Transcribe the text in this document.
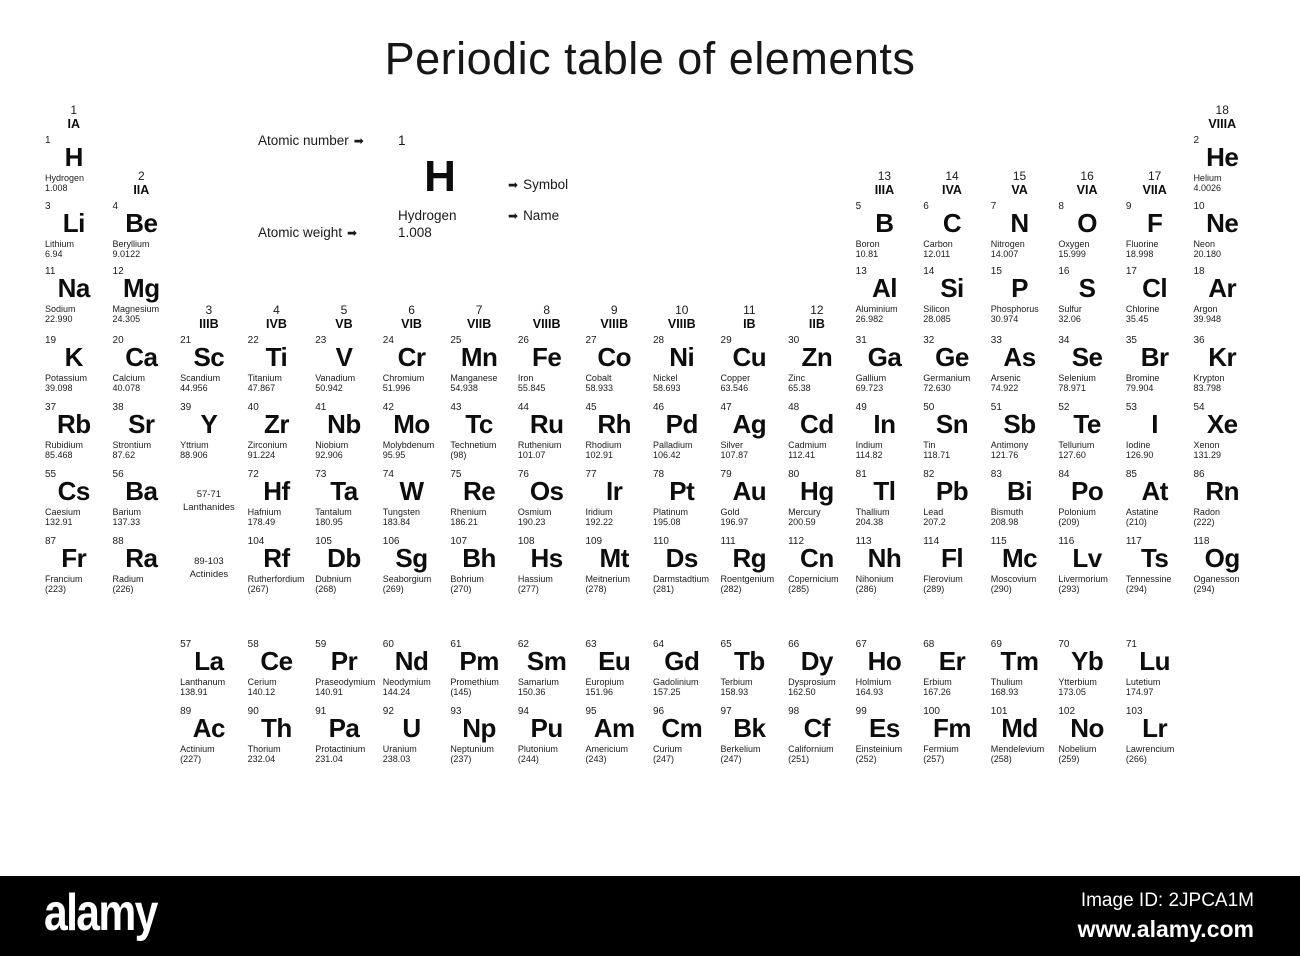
Periodic table of elements
Atomic number ➡	1
H	➡ Symbol
Hydrogen	➡ Name
Atomic weight ➡	1.008
1
IA
18
VIIIA
2
IIA
13
IIIA
14
IVA
15
VA
16
VIA
17
VIIA
3
IIIB
4
IVB
5
VB
6
VIB
7
VIIB
8
VIIIB
9
VIIIB
10
VIIIB
11
IB
12
IIB
57-71
Lanthanides
89-103
Actinides
1
H
Hydrogen
1.008
2
He
Helium
4.0026
3
Li
Lithium
6.94
4
Be
Beryllium
9.0122
5
B
Boron
10.81
6
C
Carbon
12.011
7
N
Nitrogen
14.007
8
O
Oxygen
15.999
9
F
Fluorine
18.998
10
Ne
Neon
20.180
11
Na
Sodium
22.990
12
Mg
Magnesium
24.305
13
Al
Aluminium
26.982
14
Si
Silicon
28.085
15
P
Phosphorus
30.974
16
S
Sulfur
32.06
17
Cl
Chlorine
35.45
18
Ar
Argon
39.948
19
K
Potassium
39.098
20
Ca
Calcium
40.078
21
Sc
Scandium
44.956
22
Ti
Titanium
47.867
23
V
Vanadium
50.942
24
Cr
Chromium
51.996
25
Mn
Manganese
54.938
26
Fe
Iron
55.845
27
Co
Cobalt
58.933
28
Ni
Nickel
58.693
29
Cu
Copper
63.546
30
Zn
Zinc
65.38
31
Ga
Gallium
69.723
32
Ge
Germanium
72.630
33
As
Arsenic
74.922
34
Se
Selenium
78.971
35
Br
Bromine
79.904
36
Kr
Krypton
83.798
37
Rb
Rubidium
85.468
38
Sr
Strontium
87.62
39
Y
Yttrium
88.906
40
Zr
Zirconium
91.224
41
Nb
Niobium
92.906
42
Mo
Molybdenum
95.95
43
Tc
Technetium
(98)
44
Ru
Ruthenium
101.07
45
Rh
Rhodium
102.91
46
Pd
Palladium
106.42
47
Ag
Silver
107.87
48
Cd
Cadmium
112.41
49
In
Indium
114.82
50
Sn
Tin
118.71
51
Sb
Antimony
121.76
52
Te
Tellurium
127.60
53
I
Iodine
126.90
54
Xe
Xenon
131.29
55
Cs
Caesium
132.91
56
Ba
Barium
137.33
72
Hf
Hafnium
178.49
73
Ta
Tantalum
180.95
74
W
Tungsten
183.84
75
Re
Rhenium
186.21
76
Os
Osmium
190.23
77
Ir
Iridium
192.22
78
Pt
Platinum
195.08
79
Au
Gold
196.97
80
Hg
Mercury
200.59
81
Tl
Thallium
204.38
82
Pb
Lead
207.2
83
Bi
Bismuth
208.98
84
Po
Polonium
(209)
85
At
Astatine
(210)
86
Rn
Radon
(222)
87
Fr
Francium
(223)
88
Ra
Radium
(226)
104
Rf
Rutherfordium
(267)
105
Db
Dubnium
(268)
106
Sg
Seaborgium
(269)
107
Bh
Bohrium
(270)
108
Hs
Hassium
(277)
109
Mt
Meitnerium
(278)
110
Ds
Darmstadtium
(281)
111
Rg
Roentgenium
(282)
112
Cn
Copernicium
(285)
113
Nh
Nihonium
(286)
114
Fl
Flerovium
(289)
115
Mc
Moscovium
(290)
116
Lv
Livermorium
(293)
117
Ts
Tennessine
(294)
118
Og
Oganesson
(294)
57
La
Lanthanum
138.91
58
Ce
Cerium
140.12
59
Pr
Praseodymium
140.91
60
Nd
Neodymium
144.24
61
Pm
Promethium
(145)
62
Sm
Samarium
150.36
63
Eu
Europium
151.96
64
Gd
Gadolinium
157.25
65
Tb
Terbium
158.93
66
Dy
Dysprosium
162.50
67
Ho
Holmium
164.93
68
Er
Erbium
167.26
69
Tm
Thulium
168.93
70
Yb
Ytterbium
173.05
71
Lu
Lutetium
174.97
89
Ac
Actinium
(227)
90
Th
Thorium
232.04
91
Pa
Protactinium
231.04
92
U
Uranium
238.03
93
Np
Neptunium
(237)
94
Pu
Plutonium
(244)
95
Am
Americium
(243)
96
Cm
Curium
(247)
97
Bk
Berkelium
(247)
98
Cf
Californium
(251)
99
Es
Einsteinium
(252)
100
Fm
Fermium
(257)
101
Md
Mendelevium
(258)
102
No
Nobelium
(259)
103
Lr
Lawrencium
(266)
alamy	Image ID: 2JPCA1M
www.alamy.com
